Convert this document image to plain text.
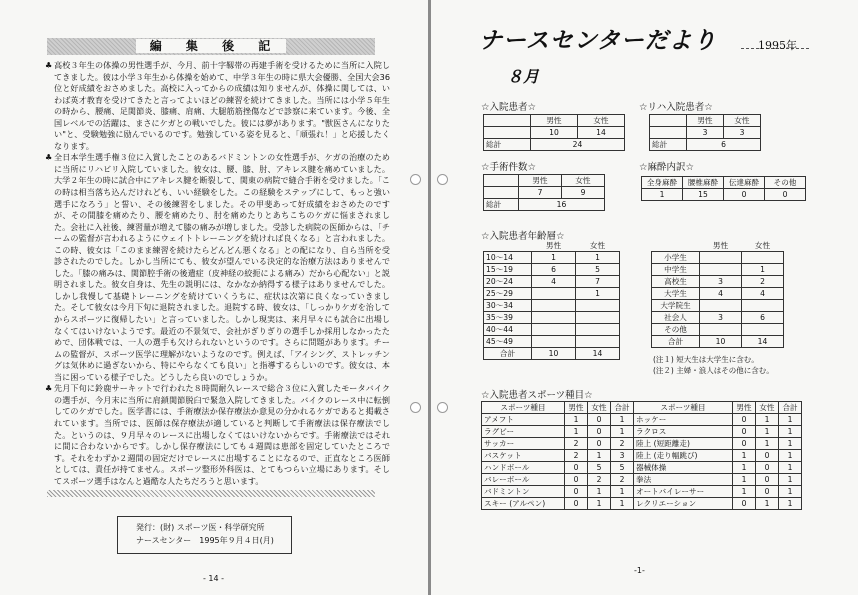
編 集 後 記
♣ 高校３年生の体操の男性選手が、今月、前十字靱帯の再建手術を受けるために当所に入院してきました。彼は小学３年生から体操を始めて、中学３年生の時に県大会優勝、全国大会36位と好成績をおさめました。高校に入ってからの成績は知りませんが、体操に関しては、いわば英才教育を受けてきたと言ってよいほどの練習を続けてきました。当所には小学５年生の時から、腰痛、足関節炎、膝痛、肩痛、大腿筋筋挫傷などで診察に来ています。今後、全国レベルでの活躍は、まさにケガとの戦いでした。彼には夢があります。"獣医さんになりたい"と、受験勉強に励んでいるのです。勉強している姿を見ると、「頑張れ！」と応援したくなります。
♣ 全日本学生選手権３位に入賞したことのあるバドミントンの女性選手が、ケガの治療のために当所にリハビリ入院していました。彼女は、腰、膝、肘、アキレス腱を痛めていました。大学２年生の時に試合中にアキレス腱を断裂して、関東の病院で縫合手術を受けました。「この時は相当落ち込んだけれども、いい経験をした。この経験をステップにして、もっと強い選手になろう」と誓い、その後練習をしました。その甲斐あって好成績をおさめたのですが、その間膝を痛めたり、腰を痛めたり、肘を痛めたりとあちこちのケガに悩まされました。会社に入社後、練習量が増えて膝の痛みが増しました。受診した病院の医師からは、「チームの監督が言われるようにウェイトトレーニングを続ければ良くなる」と言われました。この時、彼女は「このまま練習を続けたらどんどん悪くなる」との配になり、自ら当所を受診されたのでした。しかし当所にても、彼女が望んでいる決定的な治療方法はありませんでした。「膝の痛みは、関節腔手術の後遺症（皮神経の絞扼による痛み）だから心配ない」と説明されました。彼女自身は、先生の説明には、なかなか納得する様子はありませんでした。しかし我慢して基礎トレーニングを続けていくうちに、症状は次第に良くなっていきました。そして彼女は今月下旬に退院されました。退院する時、彼女は、「しっかりケガを治してからスポーツに復帰したい」と言っていました。しかし現実は、来月早々にも試合に出場しなくてはいけないようです。最近の不景気で、会社がぎりぎりの選手しか採用しなかったためで、団体戦では、一人の選手も欠けられないというのです。さらに問題があります。チームの監督が、スポーツ医学に理解がないようなのです。例えば、「アイシング、ストレッチングは気休めに過ぎないから、特にやらなくても良い」と指導するらしいのです。彼女は、本当に困っている様子でした。どうしたら良いのでしょうか。
♣ 先月下旬に鈴鹿サーキットで行われた８時間耐久レースで総合３位に入賞したモータバイクの選手が、今月末に当所に肩鎖関節脱臼で緊急入院してきました。バイクのレース中に転倒してのケガでした。医学書には、手術療法か保存療法か意見の分かれるケガであると掲載されています。当所では、医師は保存療法が適していると判断して手術療法は保存療法でした。というのは、９月早々のレースに出場しなくてはいけないからです。手術療法ではそれに間に合わないからです。しかし保存療法にしても４週間は患部を固定していたところです。それをわずか２週間の固定だけでレースに出場することになるので、正直なところ医師としては、責任が持てません。スポーツ整形外科医は、とてもつらい立場にあります。そしてスポーツ選手はなんと過酷な人たちだろうと思います。
発行：(財) スポーツ医・科学研究所
ナースセンター　1995年９月４日(月)
- 14 -
ナースセンターだより	1995年
８月
☆入院患者☆
	男性	女性
	10	14
総計	24	
☆リハ入院患者☆
	男性	女性
	3	3
総計	6	
☆手術件数☆
	男性	女性
	7	9
総計	16	
☆麻酔内訳☆
全身麻酔	腰椎麻酔	伝達麻酔	その他
1	15	0	0
☆入院患者年齢層☆
	男性	女性
10〜14	1	1
15〜19	6	5
20〜24	4	7
25〜29		1
30〜34		
35〜39		
40〜44		
45〜49		
合計	10	14
	男性	女性
小学生		
中学生		1
高校生	3	2
大学生	4	4
大学院生		
社会人	3	6
その他		
合計	10	14
(注１) 短大生は大学生に含む。
(注２) 主婦・浪人はその他に含む。
☆入院患者スポーツ種目☆
スポーツ種目	男性	女性	合計	スポーツ種目	男性	女性	合計
アメフト	1	0	1	ホッケー	0	1	1
ラグビー	1	0	1	ラクロス	0	1	1
サッカー	2	0	2	陸上 (短距離走)	0	1	1
バスケット	2	1	3	陸上 (走り幅跳び)	1	0	1
ハンドボール	0	5	5	器械体操	1	0	1
バレーボール	0	2	2	拳法	1	0	1
バドミントン	0	1	1	オートバイレーサー	1	0	1
スキー (アルペン)	0	1	1	レクリエーション	0	1	1
-1-
